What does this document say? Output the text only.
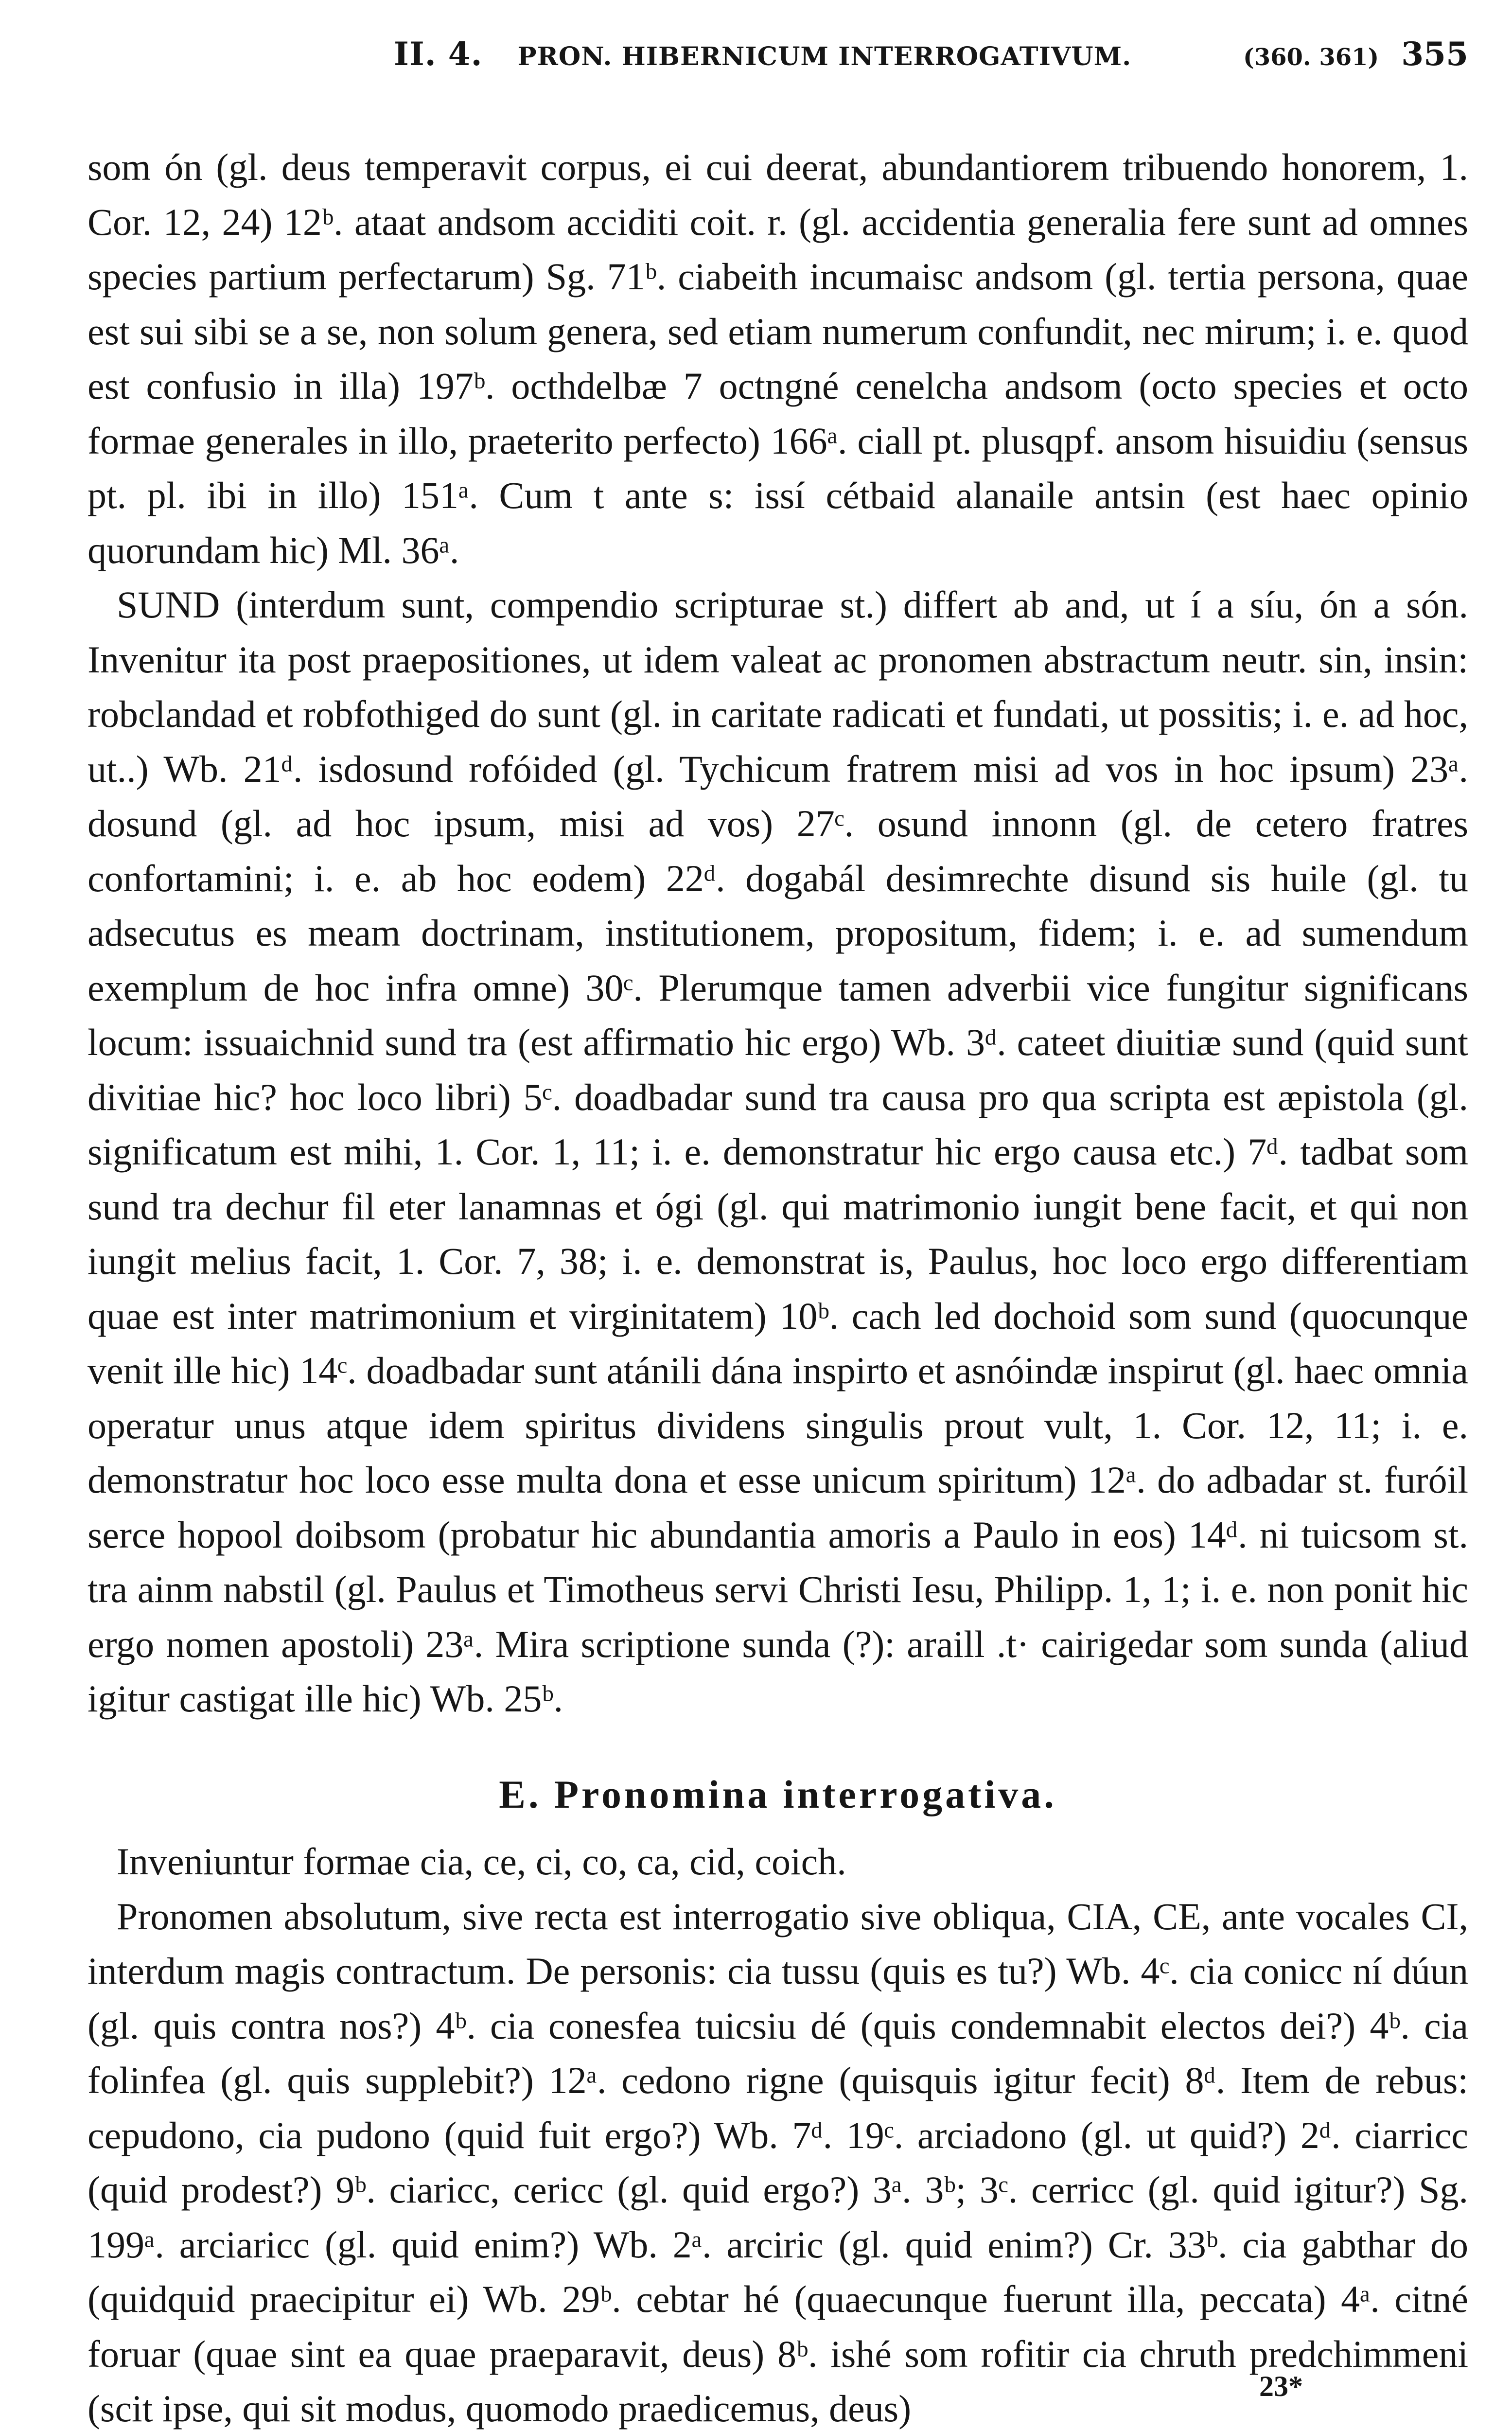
II. 4. PRON. HIBERNICUM INTERROGATIVUM.	(360. 361) 355

som ón (gl. deus temperavit corpus, ei cui deerat, abundantiorem tribuendo honorem, 1. Cor. 12, 24) 12ᵇ. ataat andsom acciditi coit. r. (gl. accidentia generalia fere sunt ad omnes species partium perfectarum) Sg. 71ᵇ. ciabeith incumaisc andsom (gl. tertia persona, quae est sui sibi se a se, non solum genera, sed etiam numerum confundit, nec mirum; i. e. quod est confusio in illa) 197ᵇ. octhdelbæ 7 octngné cenelcha andsom (octo species et octo formae generales in illo, praeterito perfecto) 166ᵃ. ciall pt. plusqpf. ansom hisuidiu (sensus pt. pl. ibi in illo) 151ᵃ. Cum t ante s: issí cétbaid alanaile antsin (est haec opinio quorundam hic) Ml. 36ᵃ.

SUND (interdum sunt, compendio scripturae st.) differt ab and, ut í a síu, ón a són. Invenitur ita post praepositiones, ut idem valeat ac pronomen abstractum neutr. sin, insin: robclandad et robfothiged do sunt (gl. in caritate radicati et fundati, ut possitis; i. e. ad hoc, ut..) Wb. 21ᵈ. isdosund rofóided (gl. Tychicum fratrem misi ad vos in hoc ipsum) 23ᵃ. dosund (gl. ad hoc ipsum, misi ad vos) 27ᶜ. osund innonn (gl. de cetero fratres confortamini; i. e. ab hoc eodem) 22ᵈ. dogabál desimrechte disund sis huile (gl. tu adsecutus es meam doctrinam, institutionem, propositum, fidem; i. e. ad sumendum exemplum de hoc infra omne) 30ᶜ. Plerumque tamen adverbii vice fungitur significans locum: issuaichnid sund tra (est affirmatio hic ergo) Wb. 3ᵈ. cateet diuitiæ sund (quid sunt divitiae hic? hoc loco libri) 5ᶜ. doadbadar sund tra causa pro qua scripta est æpistola (gl. significatum est mihi, 1. Cor. 1, 11; i. e. demonstratur hic ergo causa etc.) 7ᵈ. tadbat som sund tra dechur fil eter lanamnas et ógi (gl. qui matrimonio iungit bene facit, et qui non iungit melius facit, 1. Cor. 7, 38; i. e. demonstrat is, Paulus, hoc loco ergo differentiam quae est inter matrimonium et virginitatem) 10ᵇ. cach led dochoid som sund (quocunque venit ille hic) 14ᶜ. doadbadar sunt atánili dána inspirto et asnóindæ inspirut (gl. haec omnia operatur unus atque idem spiritus dividens singulis prout vult, 1. Cor. 12, 11; i. e. demonstratur hoc loco esse multa dona et esse unicum spiritum) 12ᵃ. do adbadar st. furóil serce hopool doibsom (probatur hic abundantia amoris a Paulo in eos) 14ᵈ. ni tuicsom st. tra ainm nabstil (gl. Paulus et Timotheus servi Christi Iesu, Philipp. 1, 1; i. e. non ponit hic ergo nomen apostoli) 23ᵃ. Mira scriptione sunda (?): araill .t· cairigedar som sunda (aliud igitur castigat ille hic) Wb. 25ᵇ.

E. Pronomina interrogativa.

Inveniuntur formae cia, ce, ci, co, ca, cid, coich.

Pronomen absolutum, sive recta est interrogatio sive obliqua, CIA, CE, ante vocales CI, interdum magis contractum. De personis: cia tussu (quis es tu?) Wb. 4ᶜ. cia conicc ní dúun (gl. quis contra nos?) 4ᵇ. cia conesfea tuicsiu dé (quis condemnabit electos dei?) 4ᵇ. cia folinfea (gl. quis supplebit?) 12ᵃ. cedono rigne (quisquis igitur fecit) 8ᵈ. Item de rebus: cepudono, cia pudono (quid fuit ergo?) Wb. 7ᵈ. 19ᶜ. arciadono (gl. ut quid?) 2ᵈ. ciarricc (quid prodest?) 9ᵇ. ciaricc, cericc (gl. quid ergo?) 3ᵃ. 3ᵇ; 3ᶜ. cerricc (gl. quid igitur?) Sg. 199ᵃ. arciaricc (gl. quid enim?) Wb. 2ᵃ. arciric (gl. quid enim?) Cr. 33ᵇ. cia gabthar do (quidquid praecipitur ei) Wb. 29ᵇ. cebtar hé (quaecunque fuerunt illa, peccata) 4ᵃ. citné foruar (quae sint ea quae praeparavit, deus) 8ᵇ. ishé som rofitir cia chruth predchimmeni (scit ipse, qui sit modus, quomodo praedicemus, deus)

23*
